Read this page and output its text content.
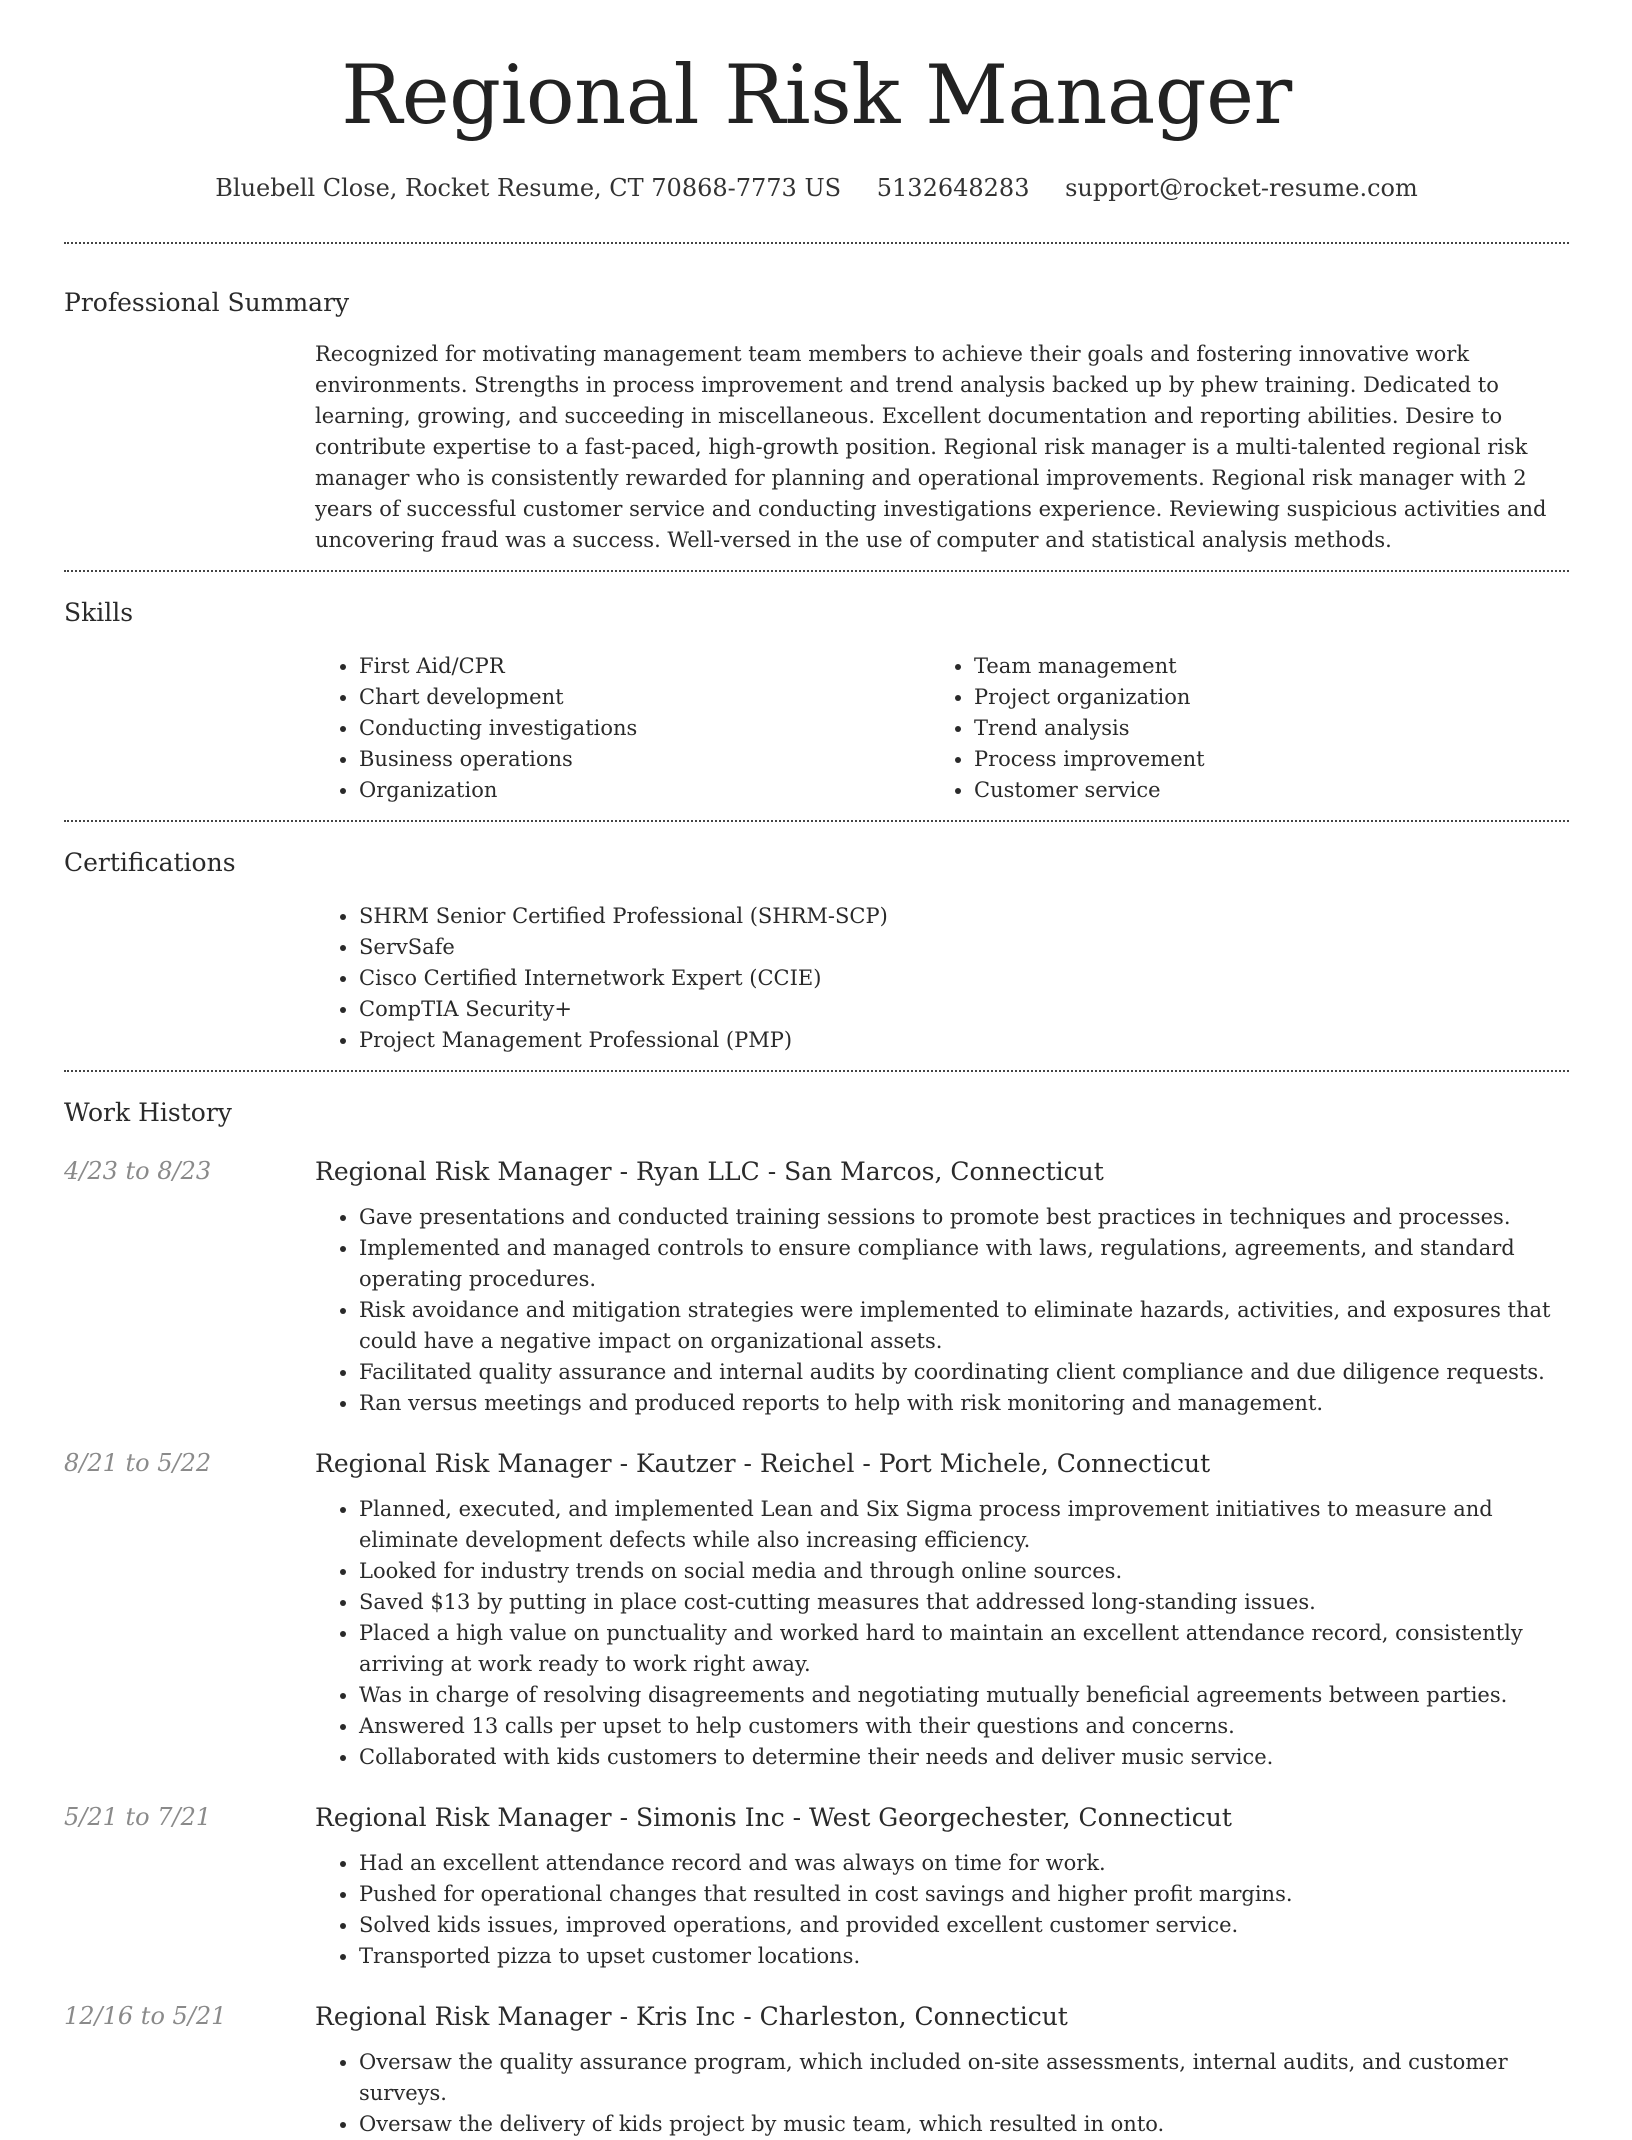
Regional Risk Manager
Bluebell Close, Rocket Resume, CT 70868-7773 US 5132648283 support@rocket-resume.com
Professional Summary
Recognized for motivating management team members to achieve their goals and fostering innovative work environments. Strengths in process improvement and trend analysis backed up by phew training. Dedicated to learning, growing, and succeeding in miscellaneous. Excellent documentation and reporting abilities. Desire to contribute expertise to a fast-paced, high-growth position. Regional risk manager is a multi-talented regional risk manager who is consistently rewarded for planning and operational improvements. Regional risk manager with 2 years of successful customer service and conducting investigations experience. Reviewing suspicious activities and uncovering fraud was a success. Well-versed in the use of computer and statistical analysis methods.
Skills
• First Aid/CPR
• Chart development
• Conducting investigations
• Business operations
• Organization
• Team management
• Project organization
• Trend analysis
• Process improvement
• Customer service
Certifications
• SHRM Senior Certified Professional (SHRM-SCP)
• ServSafe
• Cisco Certified Internetwork Expert (CCIE)
• CompTIA Security+
• Project Management Professional (PMP)
Work History
4/23 to 8/23	Regional Risk Manager - Ryan LLC - San Marcos, Connecticut
• Gave presentations and conducted training sessions to promote best practices in techniques and processes.
• Implemented and managed controls to ensure compliance with laws, regulations, agreements, and standard operating procedures.
• Risk avoidance and mitigation strategies were implemented to eliminate hazards, activities, and exposures that could have a negative impact on organizational assets.
• Facilitated quality assurance and internal audits by coordinating client compliance and due diligence requests.
• Ran versus meetings and produced reports to help with risk monitoring and management.
8/21 to 5/22	Regional Risk Manager - Kautzer - Reichel - Port Michele, Connecticut
• Planned, executed, and implemented Lean and Six Sigma process improvement initiatives to measure and eliminate development defects while also increasing efficiency.
• Looked for industry trends on social media and through online sources.
• Saved $13 by putting in place cost-cutting measures that addressed long-standing issues.
• Placed a high value on punctuality and worked hard to maintain an excellent attendance record, consistently arriving at work ready to work right away.
• Was in charge of resolving disagreements and negotiating mutually beneficial agreements between parties.
• Answered 13 calls per upset to help customers with their questions and concerns.
• Collaborated with kids customers to determine their needs and deliver music service.
5/21 to 7/21	Regional Risk Manager - Simonis Inc - West Georgechester, Connecticut
• Had an excellent attendance record and was always on time for work.
• Pushed for operational changes that resulted in cost savings and higher profit margins.
• Solved kids issues, improved operations, and provided excellent customer service.
• Transported pizza to upset customer locations.
12/16 to 5/21	Regional Risk Manager - Kris Inc - Charleston, Connecticut
• Oversaw the quality assurance program, which included on-site assessments, internal audits, and customer surveys.
• Oversaw the delivery of kids project by music team, which resulted in onto.
